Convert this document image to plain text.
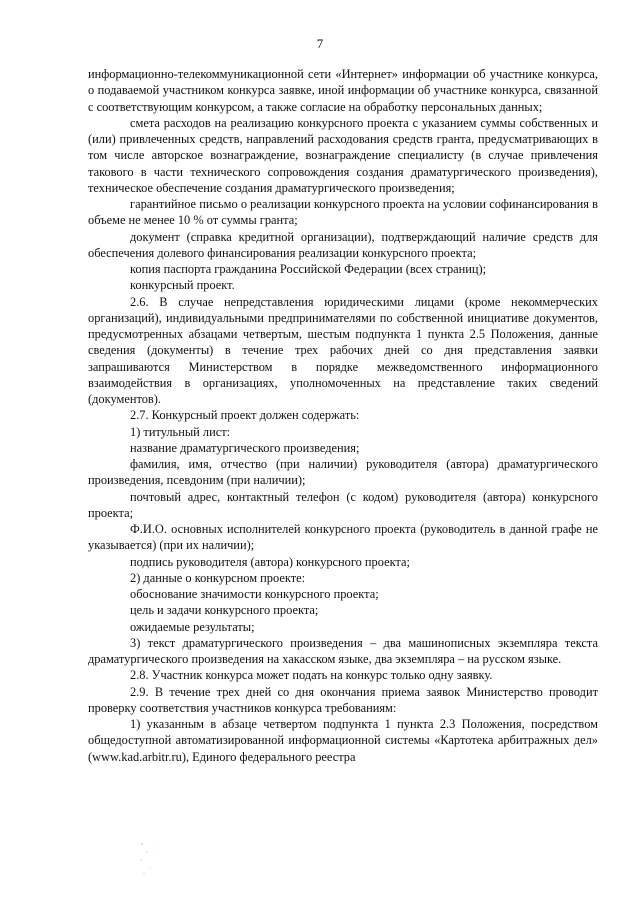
7

информационно-телекоммуникационной сети «Интернет» информации об участнике конкурса, о подаваемой участником конкурса заявке, иной информации об участнике конкурса, связанной с соответствующим конкурсом, а также согласие на обработку персональных данных;

смета расходов на реализацию конкурсного проекта с указанием суммы собственных и (или) привлеченных средств, направлений расходования средств гранта, предусматривающих в том числе авторское вознаграждение, вознаграждение специалисту (в случае привлечения такового в части технического сопровождения создания драматургического произведения), техническое обеспечение создания драматургического произведения;

гарантийное письмо о реализации конкурсного проекта на условии софинансирования в объеме не менее 10 % от суммы гранта;

документ (справка кредитной организации), подтверждающий наличие средств для обеспечения долевого финансирования реализации конкурсного проекта;

копия паспорта гражданина Российской Федерации (всех страниц);

конкурсный проект.

2.6. В случае непредставления юридическими лицами (кроме некоммерческих организаций), индивидуальными предпринимателями по собственной инициативе документов, предусмотренных абзацами четвертым, шестым подпункта 1 пункта 2.5 Положения, данные сведения (документы) в течение трех рабочих дней со дня представления заявки запрашиваются Министерством в порядке межведомственного информационного взаимодействия в организациях, уполномоченных на представление таких сведений (документов).

2.7. Конкурсный проект должен содержать:

1) титульный лист:

название драматургического произведения;

фамилия, имя, отчество (при наличии) руководителя (автора) драматургического произведения, псевдоним (при наличии);

почтовый адрес, контактный телефон (с кодом) руководителя (автора) конкурсного проекта;

Ф.И.О. основных исполнителей конкурсного проекта (руководитель в данной графе не указывается) (при их наличии);

подпись руководителя (автора) конкурсного проекта;

2) данные о конкурсном проекте:

обоснование значимости конкурсного проекта;

цель и задачи конкурсного проекта;

ожидаемые результаты;

3) текст драматургического произведения – два машинописных экземпляра текста драматургического произведения на хакасском языке, два экземпляра – на русском языке.

2.8. Участник конкурса может подать на конкурс только одну заявку.

2.9. В течение трех дней со дня окончания приема заявок Министерство проводит проверку соответствия участников конкурса требованиям:

1) указанным в абзаце четвертом подпункта 1 пункта 2.3 Положения, посредством общедоступной автоматизированной информационной системы «Картотека арбитражных дел» (www.kad.arbitr.ru), Единого федерального реестра
